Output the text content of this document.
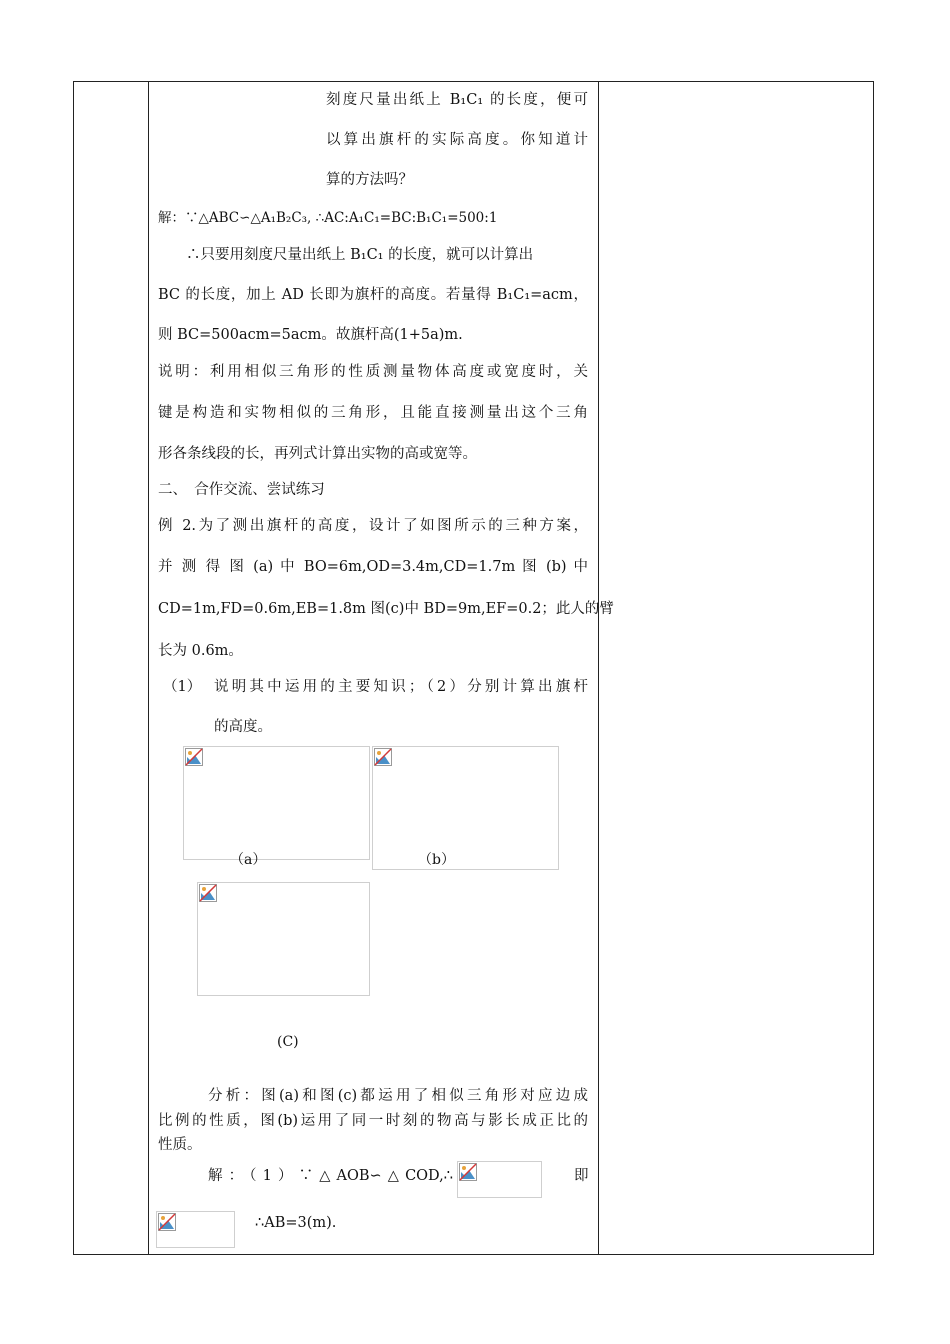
刻度尺量出纸上 B₁C₁ 的长度，便可
以算出旗杆的实际高度。你知道计
算的方法吗？
解：∵△ABC∽△A₁B₂C₃, ∴AC:A₁C₁=BC:B₁C₁=500:1
∴只要用刻度尺量出纸上 B₁C₁ 的长度，就可以计算出
BC 的长度，加上 AD 长即为旗杆的高度。若量得 B₁C₁=acm，
则 BC=500acm=5acm。故旗杆高(1+5a)m.
说明：利用相似三角形的性质测量物体高度或宽度时，关
键是构造和实物相似的三角形，且能直接测量出这个三角
形各条线段的长，再列式计算出实物的高或宽等。
二、　合作交流、尝试练习
例 2.为了测出旗杆的高度，设计了如图所示的三种方案，
并 测 得 图 (a) 中 BO=6m,OD=3.4m,CD=1.7m 图 (b) 中
CD=1m,FD=0.6m,EB=1.8m 图(c)中 BD=9m,EF=0.2；此人的臂
长为 0.6m。
（1） 说明其中运用的主要知识；（2）分别计算出旗杆
的高度。
（a）	（b）
(C)
分析：图(a)和图(c)都运用了相似三角形对应边成
比例的性质，图(b)运用了同一时刻的物高与影长成正比的
性质。
解：（1）∵△AOB∽△COD,∴	即
∴AB=3(m).
